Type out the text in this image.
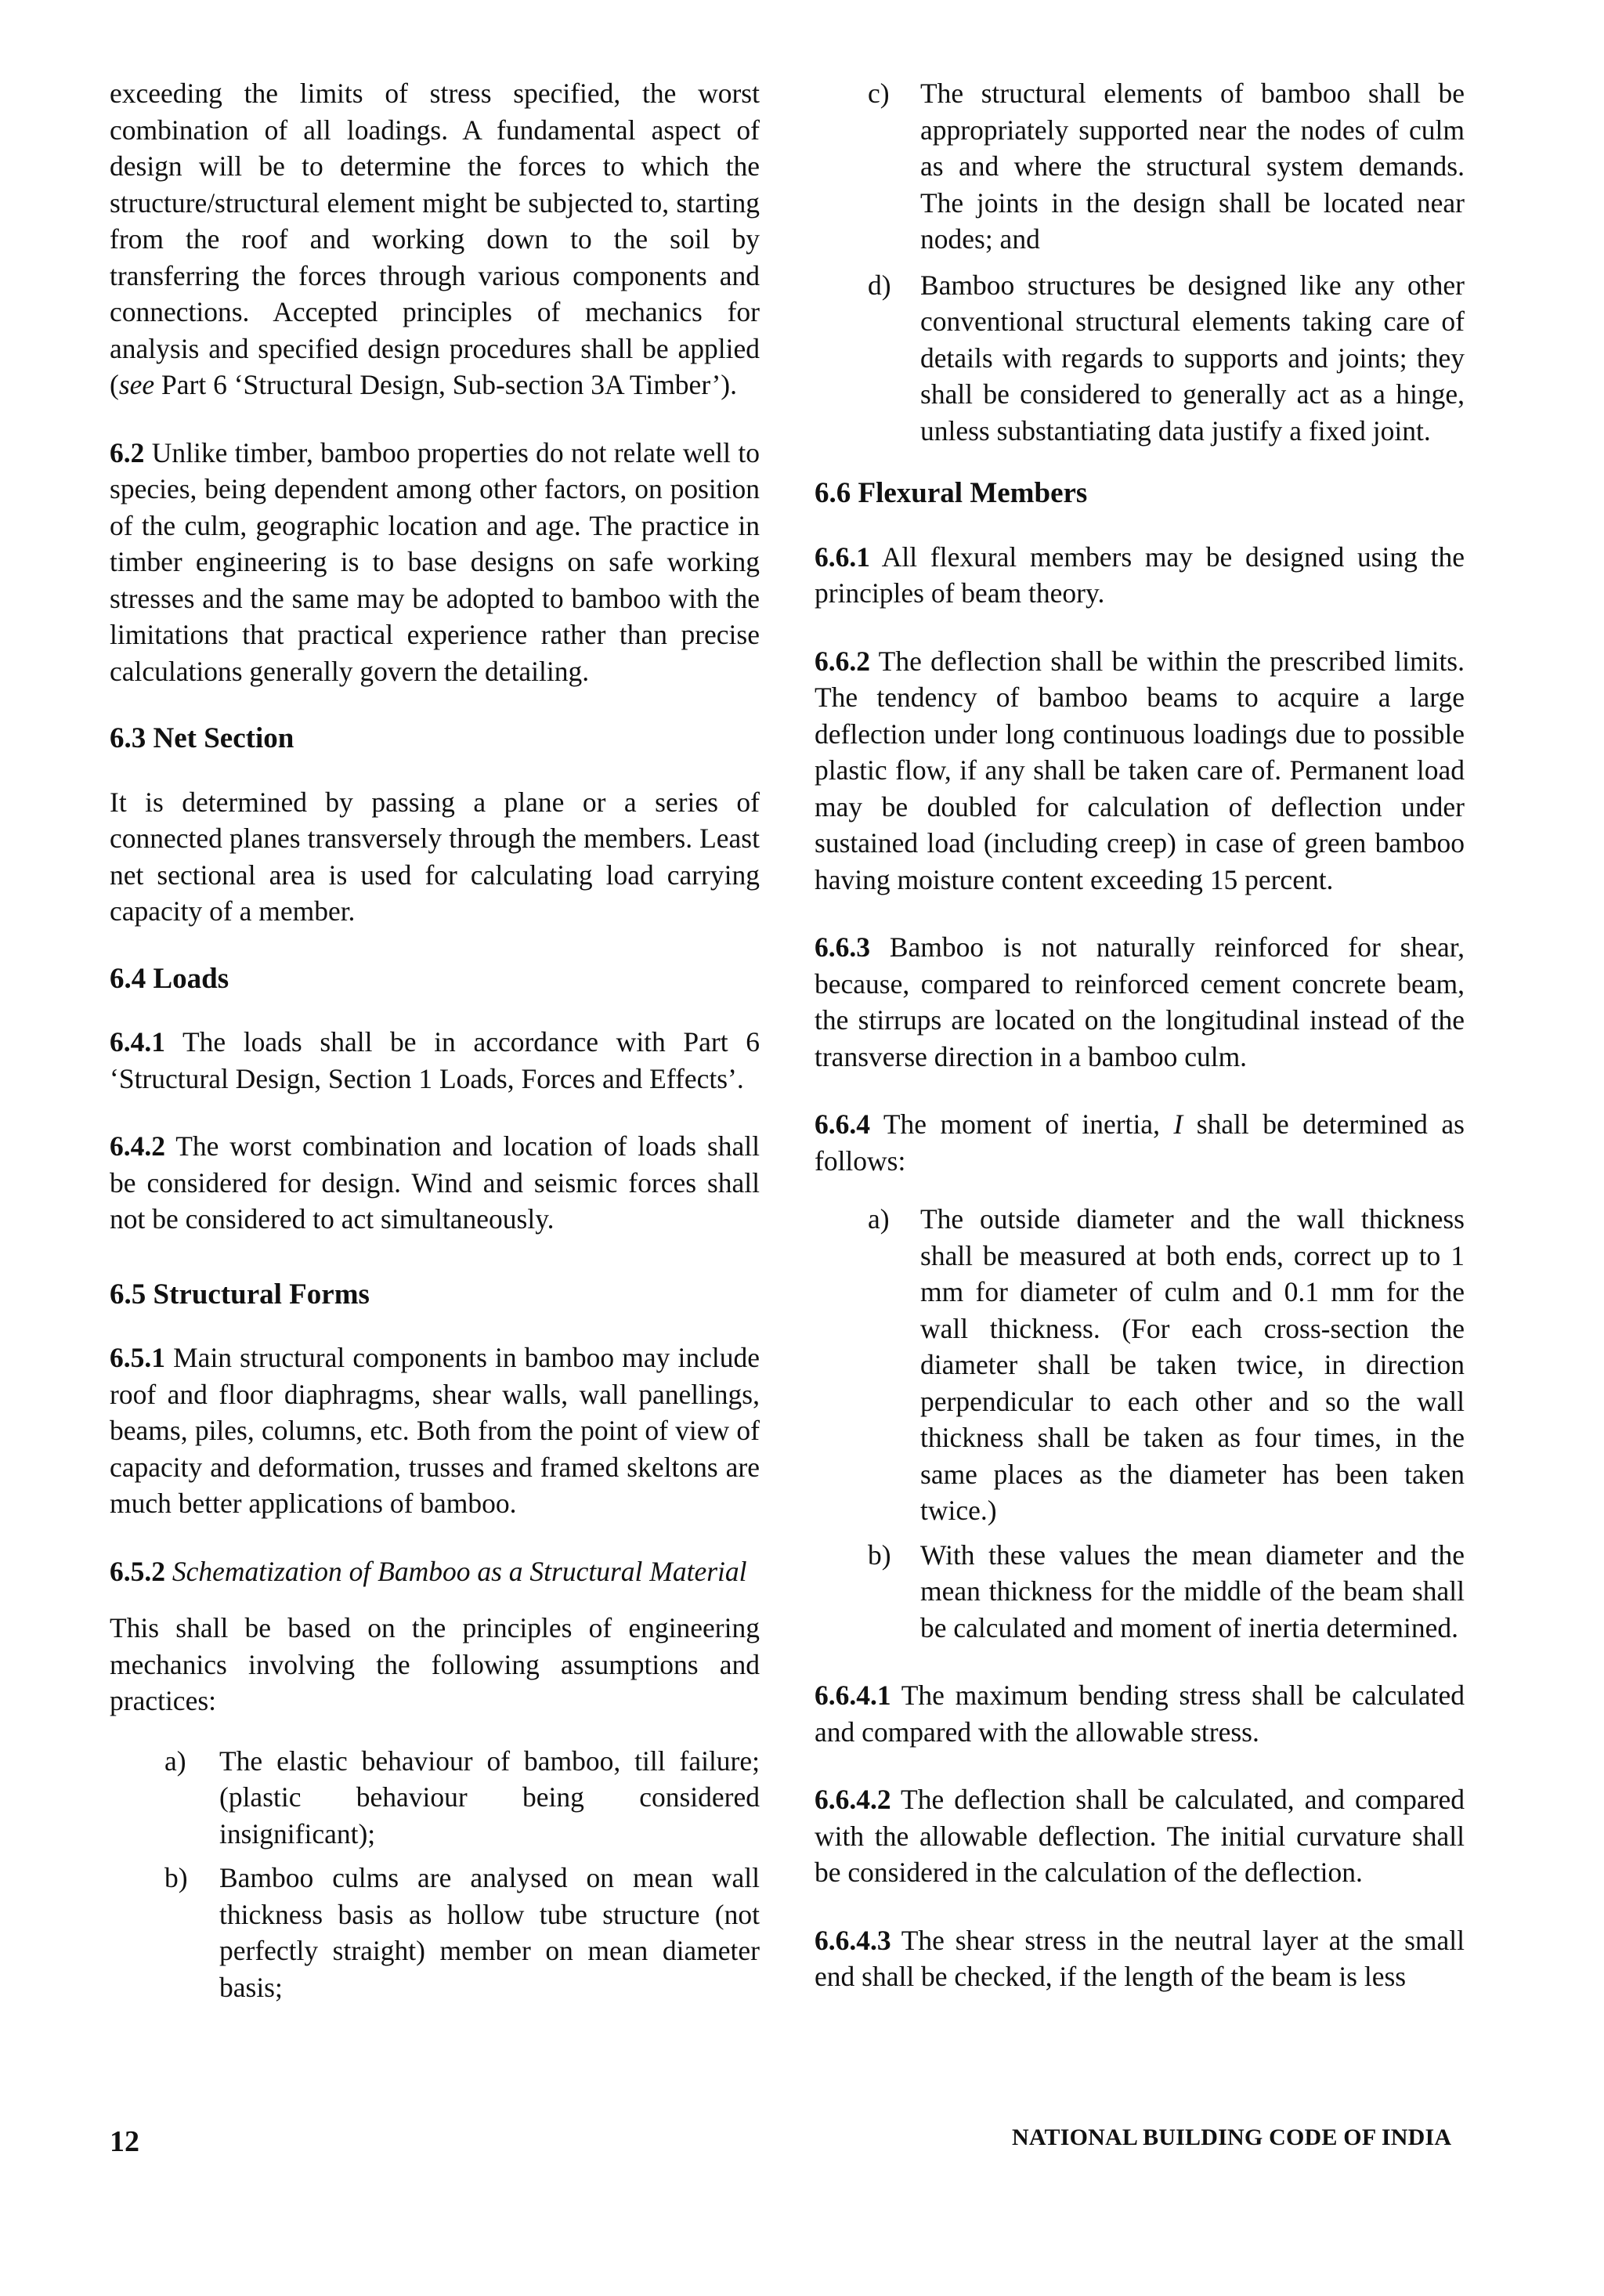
exceeding the limits of stress specified, the worst combination of all loadings. A fundamental aspect of design will be to determine the forces to which the structure/structural element might be subjected to, starting from the roof and working down to the soil by transferring the forces through various components and connections. Accepted principles of mechanics for analysis and specified design procedures shall be applied (see Part 6 ‘Structural Design, Sub-section 3A Timber’).

6.2 Unlike timber, bamboo properties do not relate well to species, being dependent among other factors, on position of the culm, geographic location and age. The practice in timber engineering is to base designs on safe working stresses and the same may be adopted to bamboo with the limitations that practical experience rather than precise calculations generally govern the detailing.

6.3 Net Section

It is determined by passing a plane or a series of connected planes transversely through the members. Least net sectional area is used for calculating load carrying capacity of a member.

6.4 Loads

6.4.1 The loads shall be in accordance with Part 6 ‘Structural Design, Section 1 Loads, Forces and Effects’.

6.4.2 The worst combination and location of loads shall be considered for design. Wind and seismic forces shall not be considered to act simultaneously.

6.5 Structural Forms

6.5.1 Main structural components in bamboo may include roof and floor diaphragms, shear walls, wall panellings, beams, piles, columns, etc. Both from the point of view of capacity and deformation, trusses and framed skeltons are much better applications of bamboo.

6.5.2 Schematization of Bamboo as a Structural Material

This shall be based on the principles of engineering mechanics involving the following assumptions and practices:

a) The elastic behaviour of bamboo, till failure; (plastic behaviour being considered insignificant);
b) Bamboo culms are analysed on mean wall thickness basis as hollow tube structure (not perfectly straight) member on mean diameter basis;
c) The structural elements of bamboo shall be appropriately supported near the nodes of culm as and where the structural system demands. The joints in the design shall be located near nodes; and
d) Bamboo structures be designed like any other conventional structural elements taking care of details with regards to supports and joints; they shall be considered to generally act as a hinge, unless substantiating data justify a fixed joint.
6.6 Flexural Members

6.6.1 All flexural members may be designed using the principles of beam theory.

6.6.2 The deflection shall be within the prescribed limits. The tendency of bamboo beams to acquire a large deflection under long continuous loadings due to possible plastic flow, if any shall be taken care of. Permanent load may be doubled for calculation of deflection under sustained load (including creep) in case of green bamboo having moisture content exceeding 15 percent.

6.6.3 Bamboo is not naturally reinforced for shear, because, compared to reinforced cement concrete beam, the stirrups are located on the longitudinal instead of the transverse direction in a bamboo culm.

6.6.4 The moment of inertia, I shall be determined as follows:

a) The outside diameter and the wall thickness shall be measured at both ends, correct up to 1 mm for diameter of culm and 0.1 mm for the wall thickness. (For each cross-section the diameter shall be taken twice, in direction perpendicular to each other and so the wall thickness shall be taken as four times, in the same places as the diameter has been taken twice.)
b) With these values the mean diameter and the mean thickness for the middle of the beam shall be calculated and moment of inertia determined.

6.6.4.1 The maximum bending stress shall be calculated and compared with the allowable stress.

6.6.4.2 The deflection shall be calculated, and compared with the allowable deflection. The initial curvature shall be considered in the calculation of the deflection.

6.6.4.3 The shear stress in the neutral layer at the small end shall be checked, if the length of the beam is less

12	NATIONAL BUILDING CODE OF INDIA
